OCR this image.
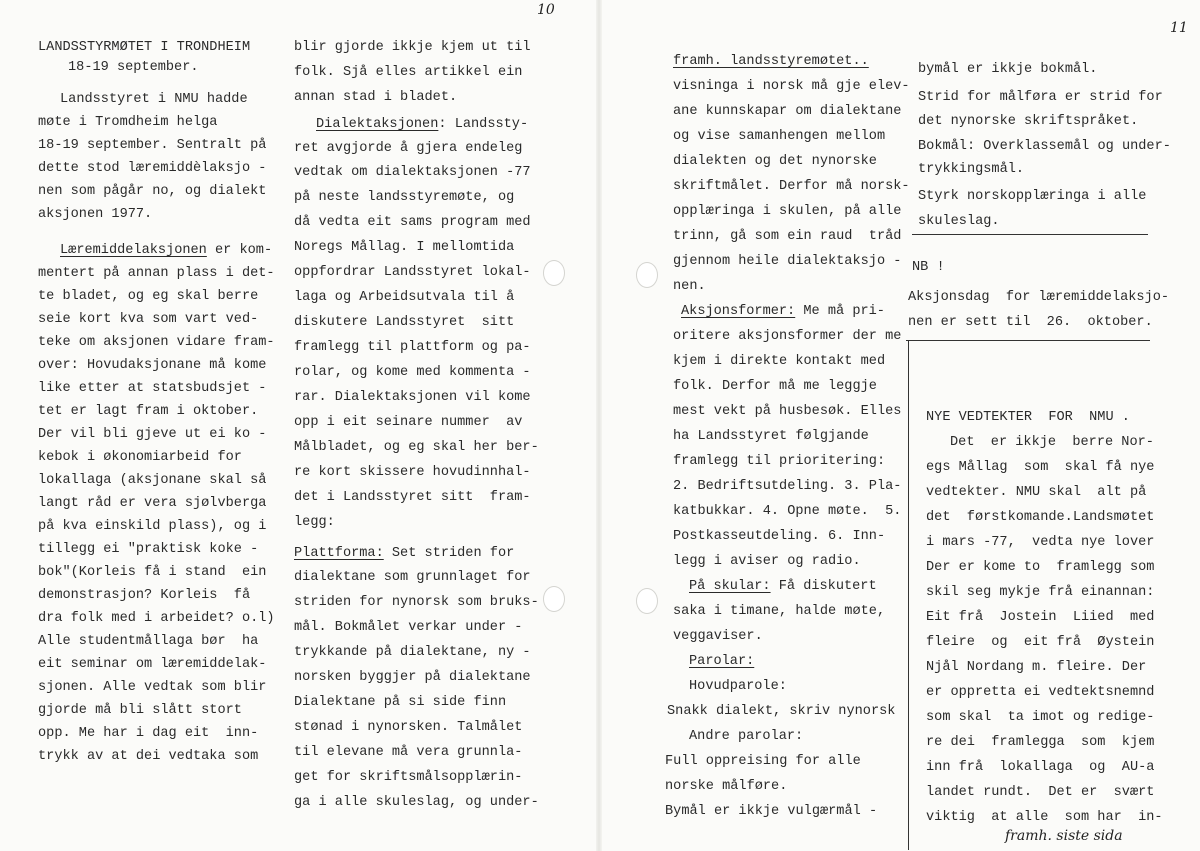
10
11
LANDSSTYRMØTET I TRONDHEIM
18-19 september.
Landsstyret i NMU hadde
møte i Tromdheim helga
18-19 september. Sentralt på
dette stod læremiddèlaksjo -
nen som pågår no, og dialekt
aksjonen 1977.
Læremiddelaksjonen er kom-
mentert på annan plass i det-
te bladet, og eg skal berre
seie kort kva som vart ved-
teke om aksjonen vidare fram-
over: Hovudaksjonane må kome
like etter at statsbudsjet -
tet er lagt fram i oktober.
Der vil bli gjeve ut ei ko -
kebok i økonomiarbeid for
lokallaga (aksjonane skal så
langt råd er vera sjølvberga
på kva einskild plass), og i
tillegg ei "praktisk koke -
bok"(Korleis få i stand  ein
demonstrasjon? Korleis  få
dra folk med i arbeidet? o.l)
Alle studentmållaga bør  ha
eit seminar om læremiddelak-
sjonen. Alle vedtak som blir
gjorde må bli slått stort
opp. Me har i dag eit  inn-
trykk av at dei vedtaka som
blir gjorde ikkje kjem ut til
folk. Sjå elles artikkel ein
annan stad i bladet.
Dialektaksjonen: Landssty-
ret avgjorde å gjera endeleg
vedtak om dialektaksjonen -77
på neste landsstyremøte, og
då vedta eit sams program med
Noregs Mållag. I mellomtida
oppfordrar Landsstyret lokal-
laga og Arbeidsutvala til å
diskutere Landsstyret  sitt
framlegg til plattform og pa-
rolar, og kome med kommenta -
rar. Dialektaksjonen vil kome
opp i eit seinare nummer  av
Målbladet, og eg skal her ber-
re kort skissere hovudinnhal-
det i Landsstyret sitt  fram-
legg:
Plattforma: Set striden for
dialektane som grunnlaget for
striden for nynorsk som bruks-
mål. Bokmålet verkar under -
trykkande på dialektane, ny -
norsken byggjer på dialektane
Dialektane på si side finn
stønad i nynorsken. Talmålet
til elevane må vera grunnla-
get for skriftsmålsopplærin-
ga i alle skuleslag, og under-
framh. landsstyremøtet..
visninga i norsk må gje elev-
ane kunnskapar om dialektane
og vise samanhengen mellom
dialekten og det nynorske
skriftmålet. Derfor må norsk-
opplæringa i skulen, på alle
trinn, gå som ein raud  tråd
gjennom heile dialektaksjo -
nen.
Aksjonsformer: Me må pri-
oritere aksjonsformer der me
kjem i direkte kontakt med
folk. Derfor må me leggje
mest vekt på husbesøk. Elles
ha Landsstyret følgjande
framlegg til prioritering:
2. Bedriftsutdeling. 3. Pla-
katbukkar. 4. Opne møte.  5.
Postkasseutdeling. 6. Inn-
legg i aviser og radio.
På skular: Få diskutert
saka i timane, halde møte,
veggaviser.
Parolar:
Hovudparole:
Snakk dialekt, skriv nynorsk
Andre parolar:
Full oppreising for alle
norske målføre.
Bymål er ikkje vulgærmål -
bymål er ikkje bokmål.
Strid for målføra er strid for
det nynorske skriftspråket.
Bokmål: Overklassemål og under-
trykkingsmål.
Styrk norskopplæringa i alle
skuleslag.
NB !
Aksjonsdag  for læremiddelaksjo-
nen er sett til  26.  oktober.
NYE VEDTEKTER  FOR  NMU .
Det  er ikkje  berre Nor-
egs Mållag  som  skal få nye
vedtekter. NMU skal  alt på
det  førstkomande.Landsmøtet
i mars -77,  vedta nye lover
Der er kome to  framlegg som
skil seg mykje frå einannan:
Eit frå  Jostein  Liied  med
fleire  og  eit frå  Øystein
Njål Nordang m. fleire. Der
er oppretta ei vedtektsnemnd
som skal  ta imot og redige-
re dei  framlegga  som  kjem
inn frå  lokallaga  og  AU-a
landet rundt.  Det er  svært
viktig  at alle  som har  in-
framh. siste sida
